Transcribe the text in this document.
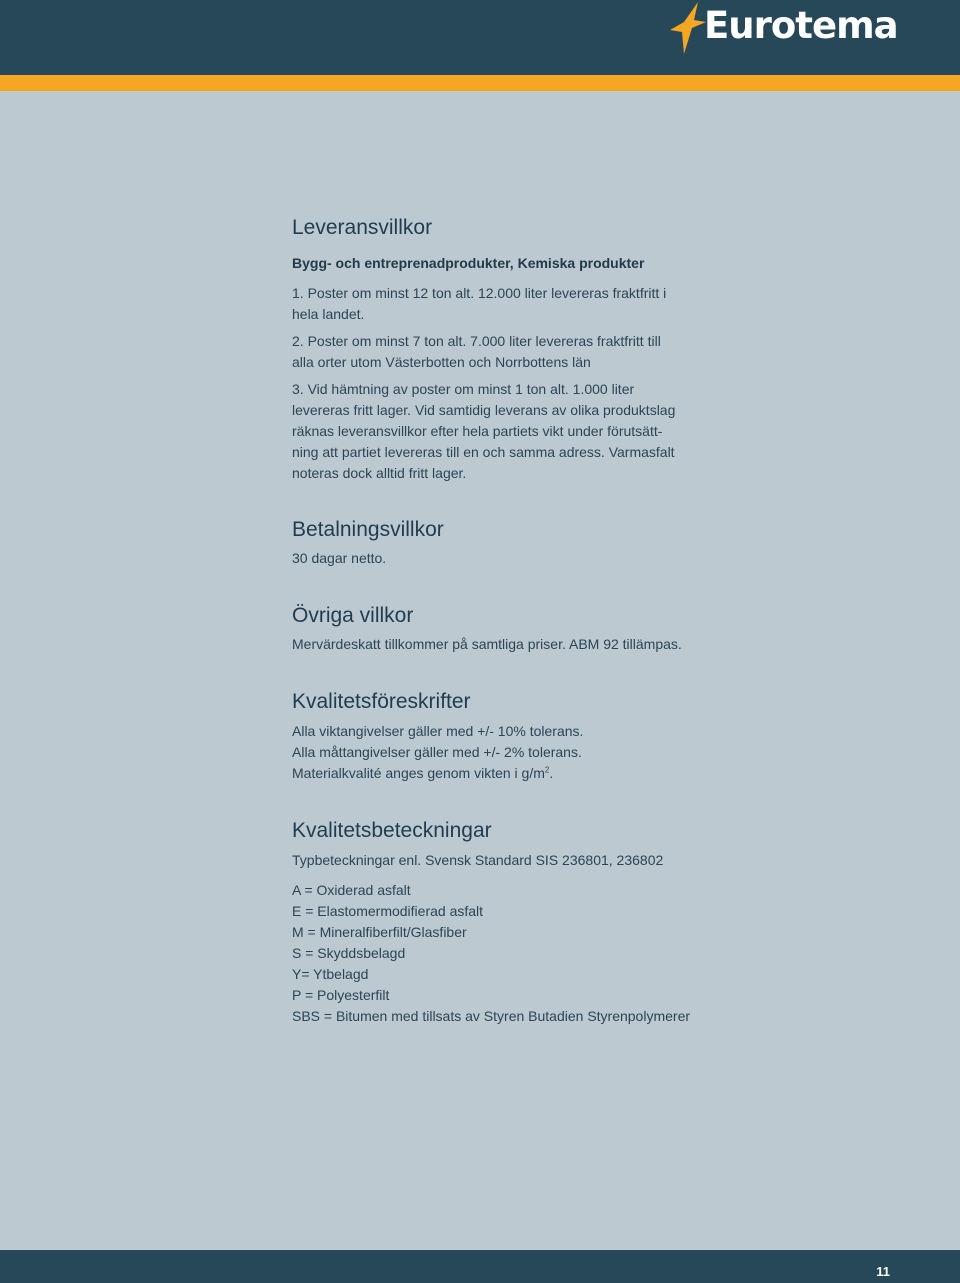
Eurotema
Leveransvillkor
Bygg- och entreprenadprodukter, Kemiska produkter

1. Poster om minst 12 ton alt. 12.000 liter levereras fraktfritt i

hela landet.

2. Poster om minst 7 ton alt. 7.000 liter levereras fraktfritt till

alla orter utom Västerbotten och Norrbottens län

3. Vid hämtning av poster om minst 1 ton alt. 1.000 liter

levereras fritt lager. Vid samtidig leverans av olika produktslag

räknas leveransvillkor efter hela partiets vikt under förutsätt-

ning att partiet levereras till en och samma adress. Varmasfalt

noteras dock alltid fritt lager.

Betalningsvillkor

30 dagar netto.

Övriga villkor

Mervärdeskatt tillkommer på samtliga priser. ABM 92 tillämpas.

Kvalitetsföreskrifter

Alla viktangivelser gäller med +/- 10% tolerans.

Alla måttangivelser gäller med +/- 2% tolerans.

Materialkvalité anges genom vikten i $g/m^2$.

Kvalitetsbeteckningar

Typbeteckningar enl. Svensk Standard SIS 236801, 236802

A = Oxiderad asfalt

E = Elastomermodifierad asfalt

M = Mineralfiberfilt/Glasfiber

S = Skyddsbelagd

Y= Ytbelagd

P = Polyesterfilt

SBS = Bitumen med tillsats av Styren Butadien Styrenpolymerer

11
